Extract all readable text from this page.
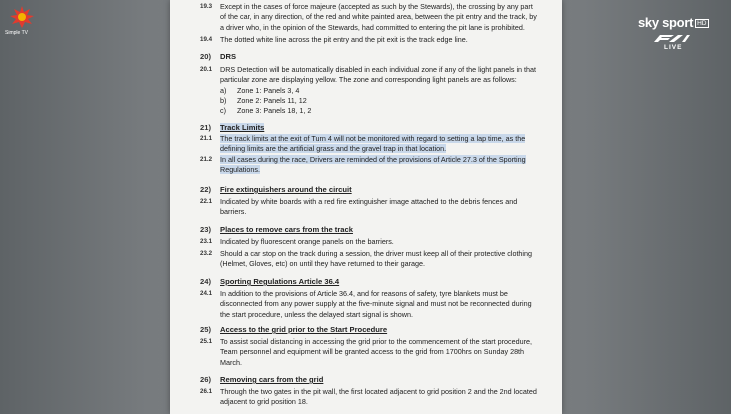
Simple TV
sky sport HD
LIVE
19.3 Except in the cases of force majeure (accepted as such by the Stewards), the crossing by any part
of the car, in any direction, of the red and white painted area, between the pit entry and the track, by
a driver who, in the opinion of the Stewards, had committed to entering the pit lane is prohibited.
19.4 The dotted white line across the pit entry and the pit exit is the track edge line.
20) DRS
20.1 DRS Detection will be automatically disabled in each individual zone if any of the light panels in that
particular zone are displaying yellow. The zone and corresponding light panels are as follows:
a) Zone 1: Panels 3, 4
b) Zone 2: Panels 11, 12
c) Zone 3: Panels 18, 1, 2
21) Track Limits
21.1 The track limits at the exit of Turn 4 will not be monitored with regard to setting a lap time, as the
defining limits are the artificial grass and the gravel trap in that location.
21.2 In all cases during the race, Drivers are reminded of the provisions of Article 27.3 of the Sporting
Regulations.
22) Fire extinguishers around the circuit
22.1 Indicated by white boards with a red fire extinguisher image attached to the debris fences and
barriers.
23) Places to remove cars from the track
23.1 Indicated by fluorescent orange panels on the barriers.
23.2 Should a car stop on the track during a session, the driver must keep all of their protective clothing
(Helmet, Gloves, etc) on until they have returned to their garage.
24) Sporting Regulations Article 36.4
24.1 In addition to the provisions of Article 36.4, and for reasons of safety, tyre blankets must be
disconnected from any power supply at the five-minute signal and must not be reconnected during
the start procedure, unless the delayed start signal is shown.
25) Access to the grid prior to the Start Procedure
25.1 To assist social distancing in accessing the grid prior to the commencement of the start procedure,
Team personnel and equipment will be granted access to the grid from 1700hrs on Sunday 28th
March.
26) Removing cars from the grid
26.1 Through the two gates in the pit wall, the first located adjacent to grid position 2 and the 2nd located
adjacent to grid position 18.
